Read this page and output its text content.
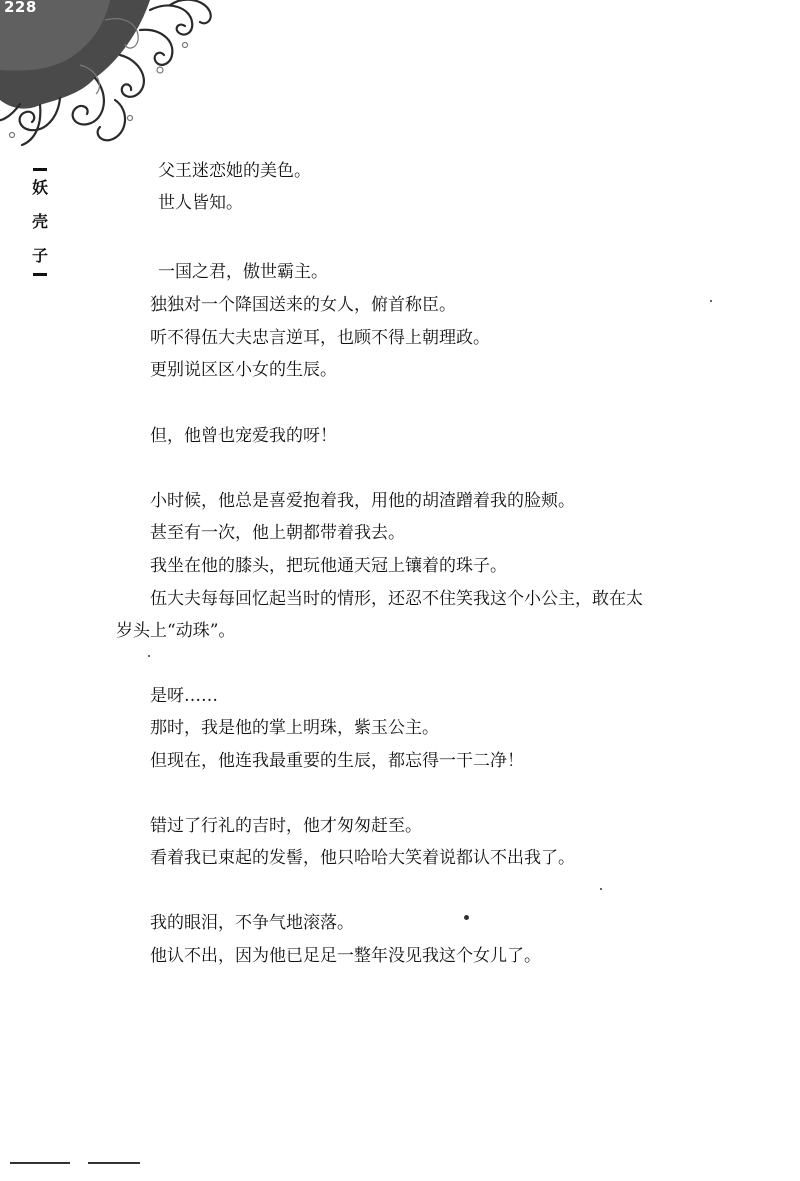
228
妖
壳
子
父王迷恋她的美色。
世人皆知。
一国之君，傲世霸主。
独独对一个降国送来的女人，俯首称臣。
听不得伍大夫忠言逆耳，也顾不得上朝理政。
更别说区区小女的生辰。
但，他曾也宠爱我的呀！
小时候，他总是喜爱抱着我，用他的胡渣蹭着我的脸颊。
甚至有一次，他上朝都带着我去。
我坐在他的膝头，把玩他通天冠上镶着的珠子。
伍大夫每每回忆起当时的情形，还忍不住笑我这个小公主，敢在太
岁头上“动珠”。
是呀……
那时，我是他的掌上明珠，紫玉公主。
但现在，他连我最重要的生辰，都忘得一干二净！
错过了行礼的吉时，他才匆匆赶至。
看着我已束起的发髻，他只哈哈大笑着说都认不出我了。
我的眼泪，不争气地滚落。
他认不出，因为他已足足一整年没见我这个女儿了。
